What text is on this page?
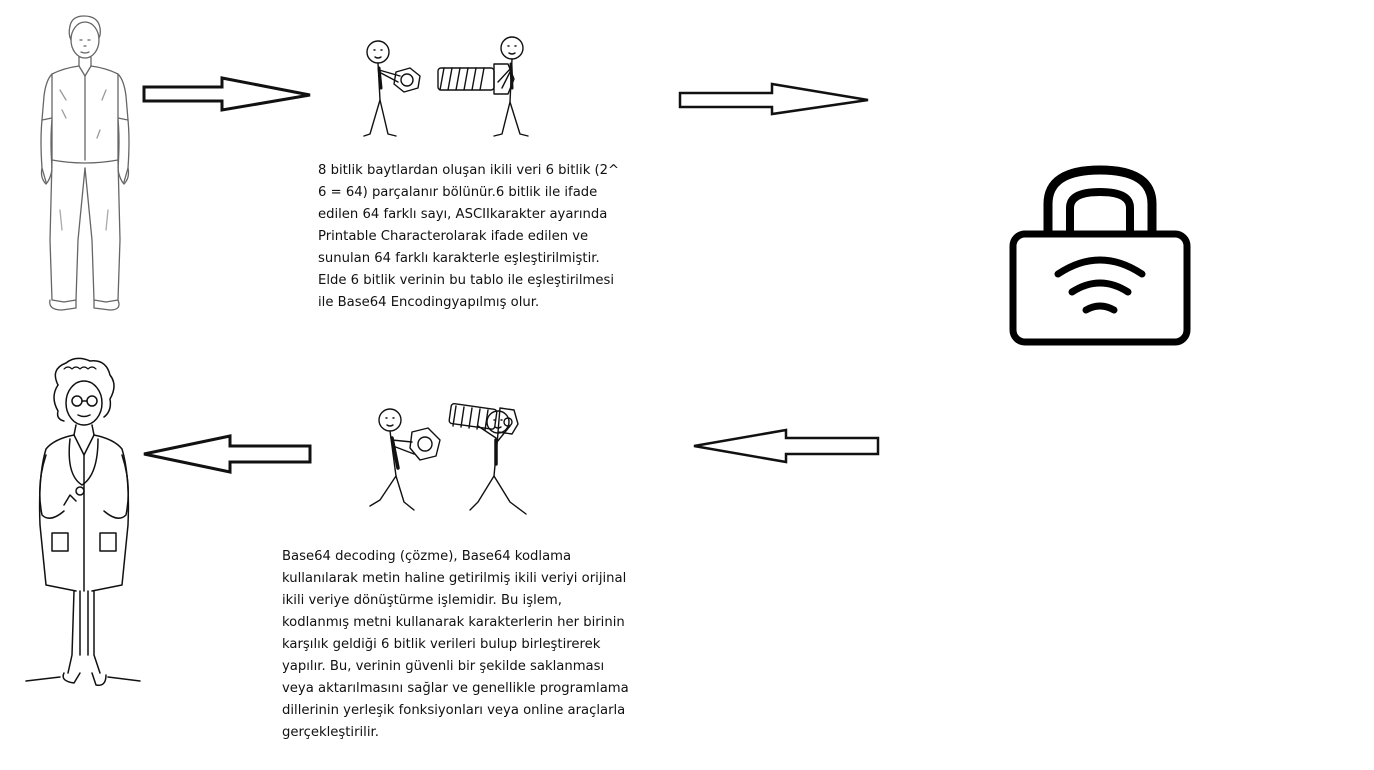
8 bitlik baytlardan oluşan ikili veri 6 bitlik (2^
6 = 64) parçalanır bölünür.6 bitlik ile ifade
edilen 64 farklı sayı, ASCIIkarakter ayarında
Printable Characterolarak ifade edilen ve
sunulan 64 farklı karakterle eşleştirilmiştir.
Elde 6 bitlik verinin bu tablo ile eşleştirilmesi
ile Base64 Encodingyapılmış olur.
Base64 decoding (çözme), Base64 kodlama
kullanılarak metin haline getirilmiş ikili veriyi orijinal
ikili veriye dönüştürme işlemidir. Bu işlem,
kodlanmış metni kullanarak karakterlerin her birinin
karşılık geldiği 6 bitlik verileri bulup birleştirerek
yapılır. Bu, verinin güvenli bir şekilde saklanması
veya aktarılmasını sağlar ve genellikle programlama
dillerinin yerleşik fonksiyonları veya online araçlarla
gerçekleştirilir.
